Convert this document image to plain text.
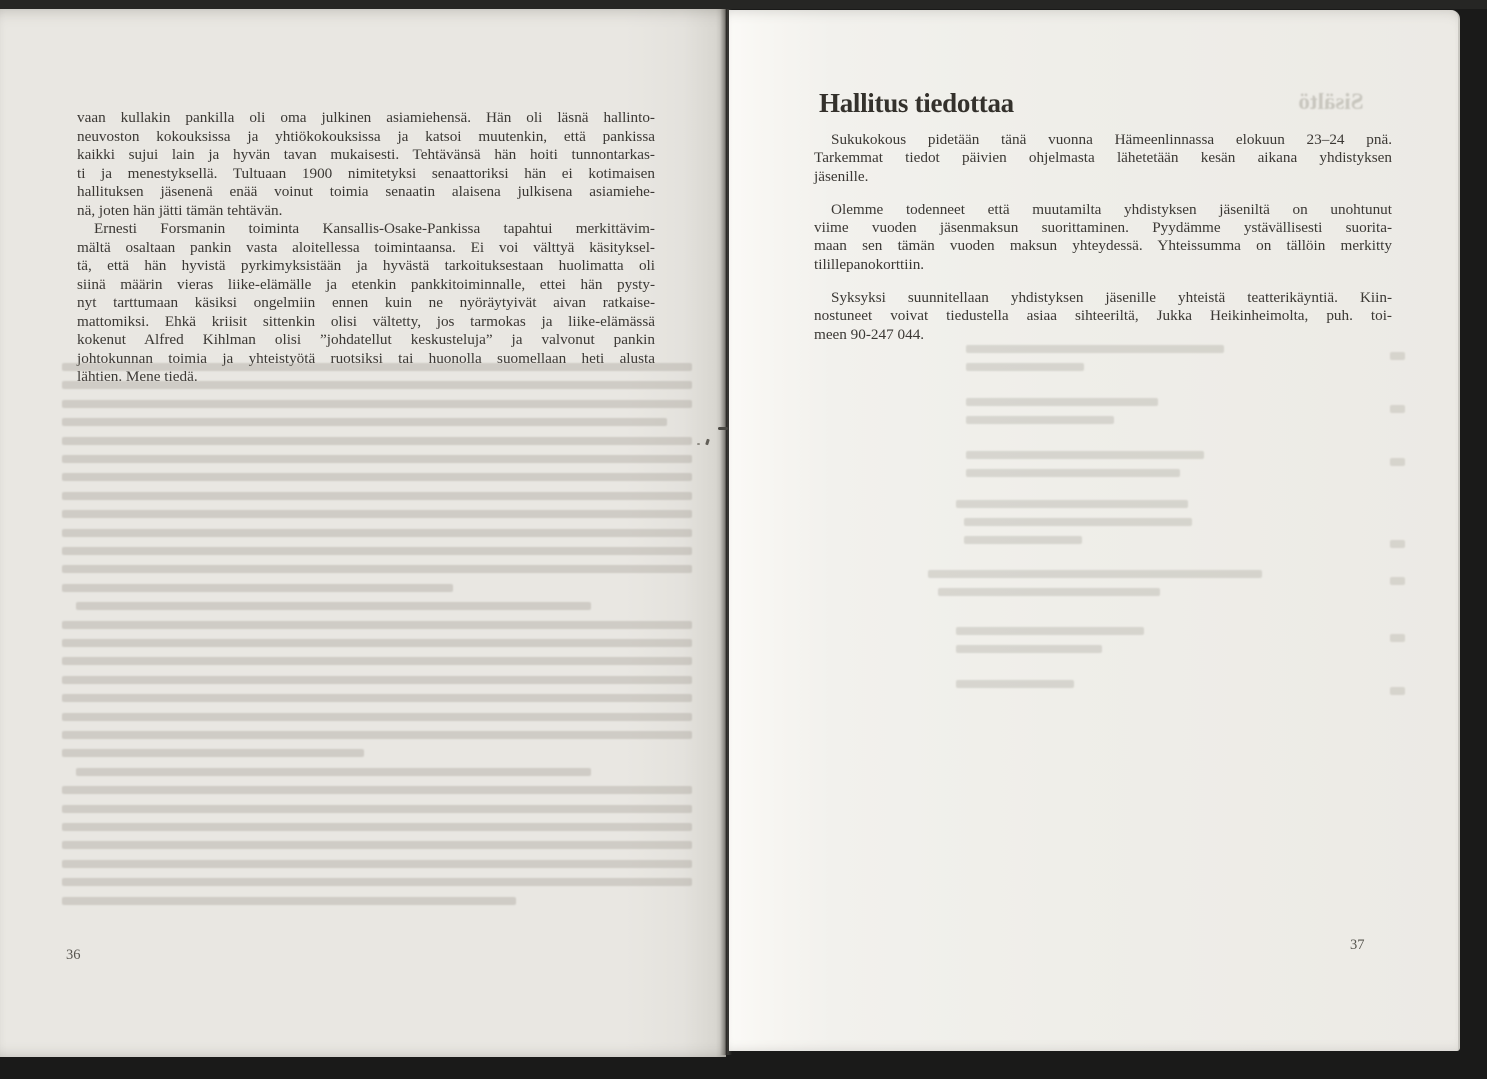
vaan kullakin pankilla oli oma julkinen asiamiehensä. Hän oli läsnä hallinto-
neuvoston kokouksissa ja yhtiökokouksissa ja katsoi muutenkin, että pankissa
kaikki sujui lain ja hyvän tavan mukaisesti. Tehtävänsä hän hoiti tunnontarkas-
ti ja menestyksellä. Tultuaan 1900 nimitetyksi senaattoriksi hän ei kotimaisen
hallituksen jäsenenä enää voinut toimia senaatin alaisena julkisena asiamiehe-
nä, joten hän jätti tämän tehtävän.
Ernesti Forsmanin toiminta Kansallis-Osake-Pankissa tapahtui merkittävim-
mältä osaltaan pankin vasta aloitellessa toimintaansa. Ei voi välttyä käsityksel-
tä, että hän hyvistä pyrkimyksistään ja hyvästä tarkoituksestaan huolimatta oli
siinä määrin vieras liike-elämälle ja etenkin pankkitoiminnalle, ettei hän pysty-
nyt tarttumaan käsiksi ongelmiin ennen kuin ne nyöräytyivät aivan ratkaise-
mattomiksi. Ehkä kriisit sittenkin olisi vältetty, jos tarmokas ja liike-elämässä
kokenut Alfred Kihlman olisi ”johdatellut keskusteluja” ja valvonut pankin
johtokunnan toimia ja yhteistyötä ruotsiksi tai huonolla suomellaan heti alusta
lähtien. Mene tiedä.
36
Sisältö
Hallitus tiedottaa
Sukukokous pidetään tänä vuonna Hämeenlinnassa elokuun 23–24 pnä.
Tarkemmat tiedot päivien ohjelmasta lähetetään kesän aikana yhdistyksen
jäsenille.
Olemme todenneet että muutamilta yhdistyksen jäseniltä on unohtunut
viime vuoden jäsenmaksun suorittaminen. Pyydämme ystävällisesti suorita-
maan sen tämän vuoden maksun yhteydessä. Yhteissumma on tällöin merkitty
tilillepanokorttiin.
Syksyksi suunnitellaan yhdistyksen jäsenille yhteistä teatterikäyntiä. Kiin-
nostuneet voivat tiedustella asiaa sihteeriltä, Jukka Heikinheimolta, puh. toi-
meen 90-247 044.
37
